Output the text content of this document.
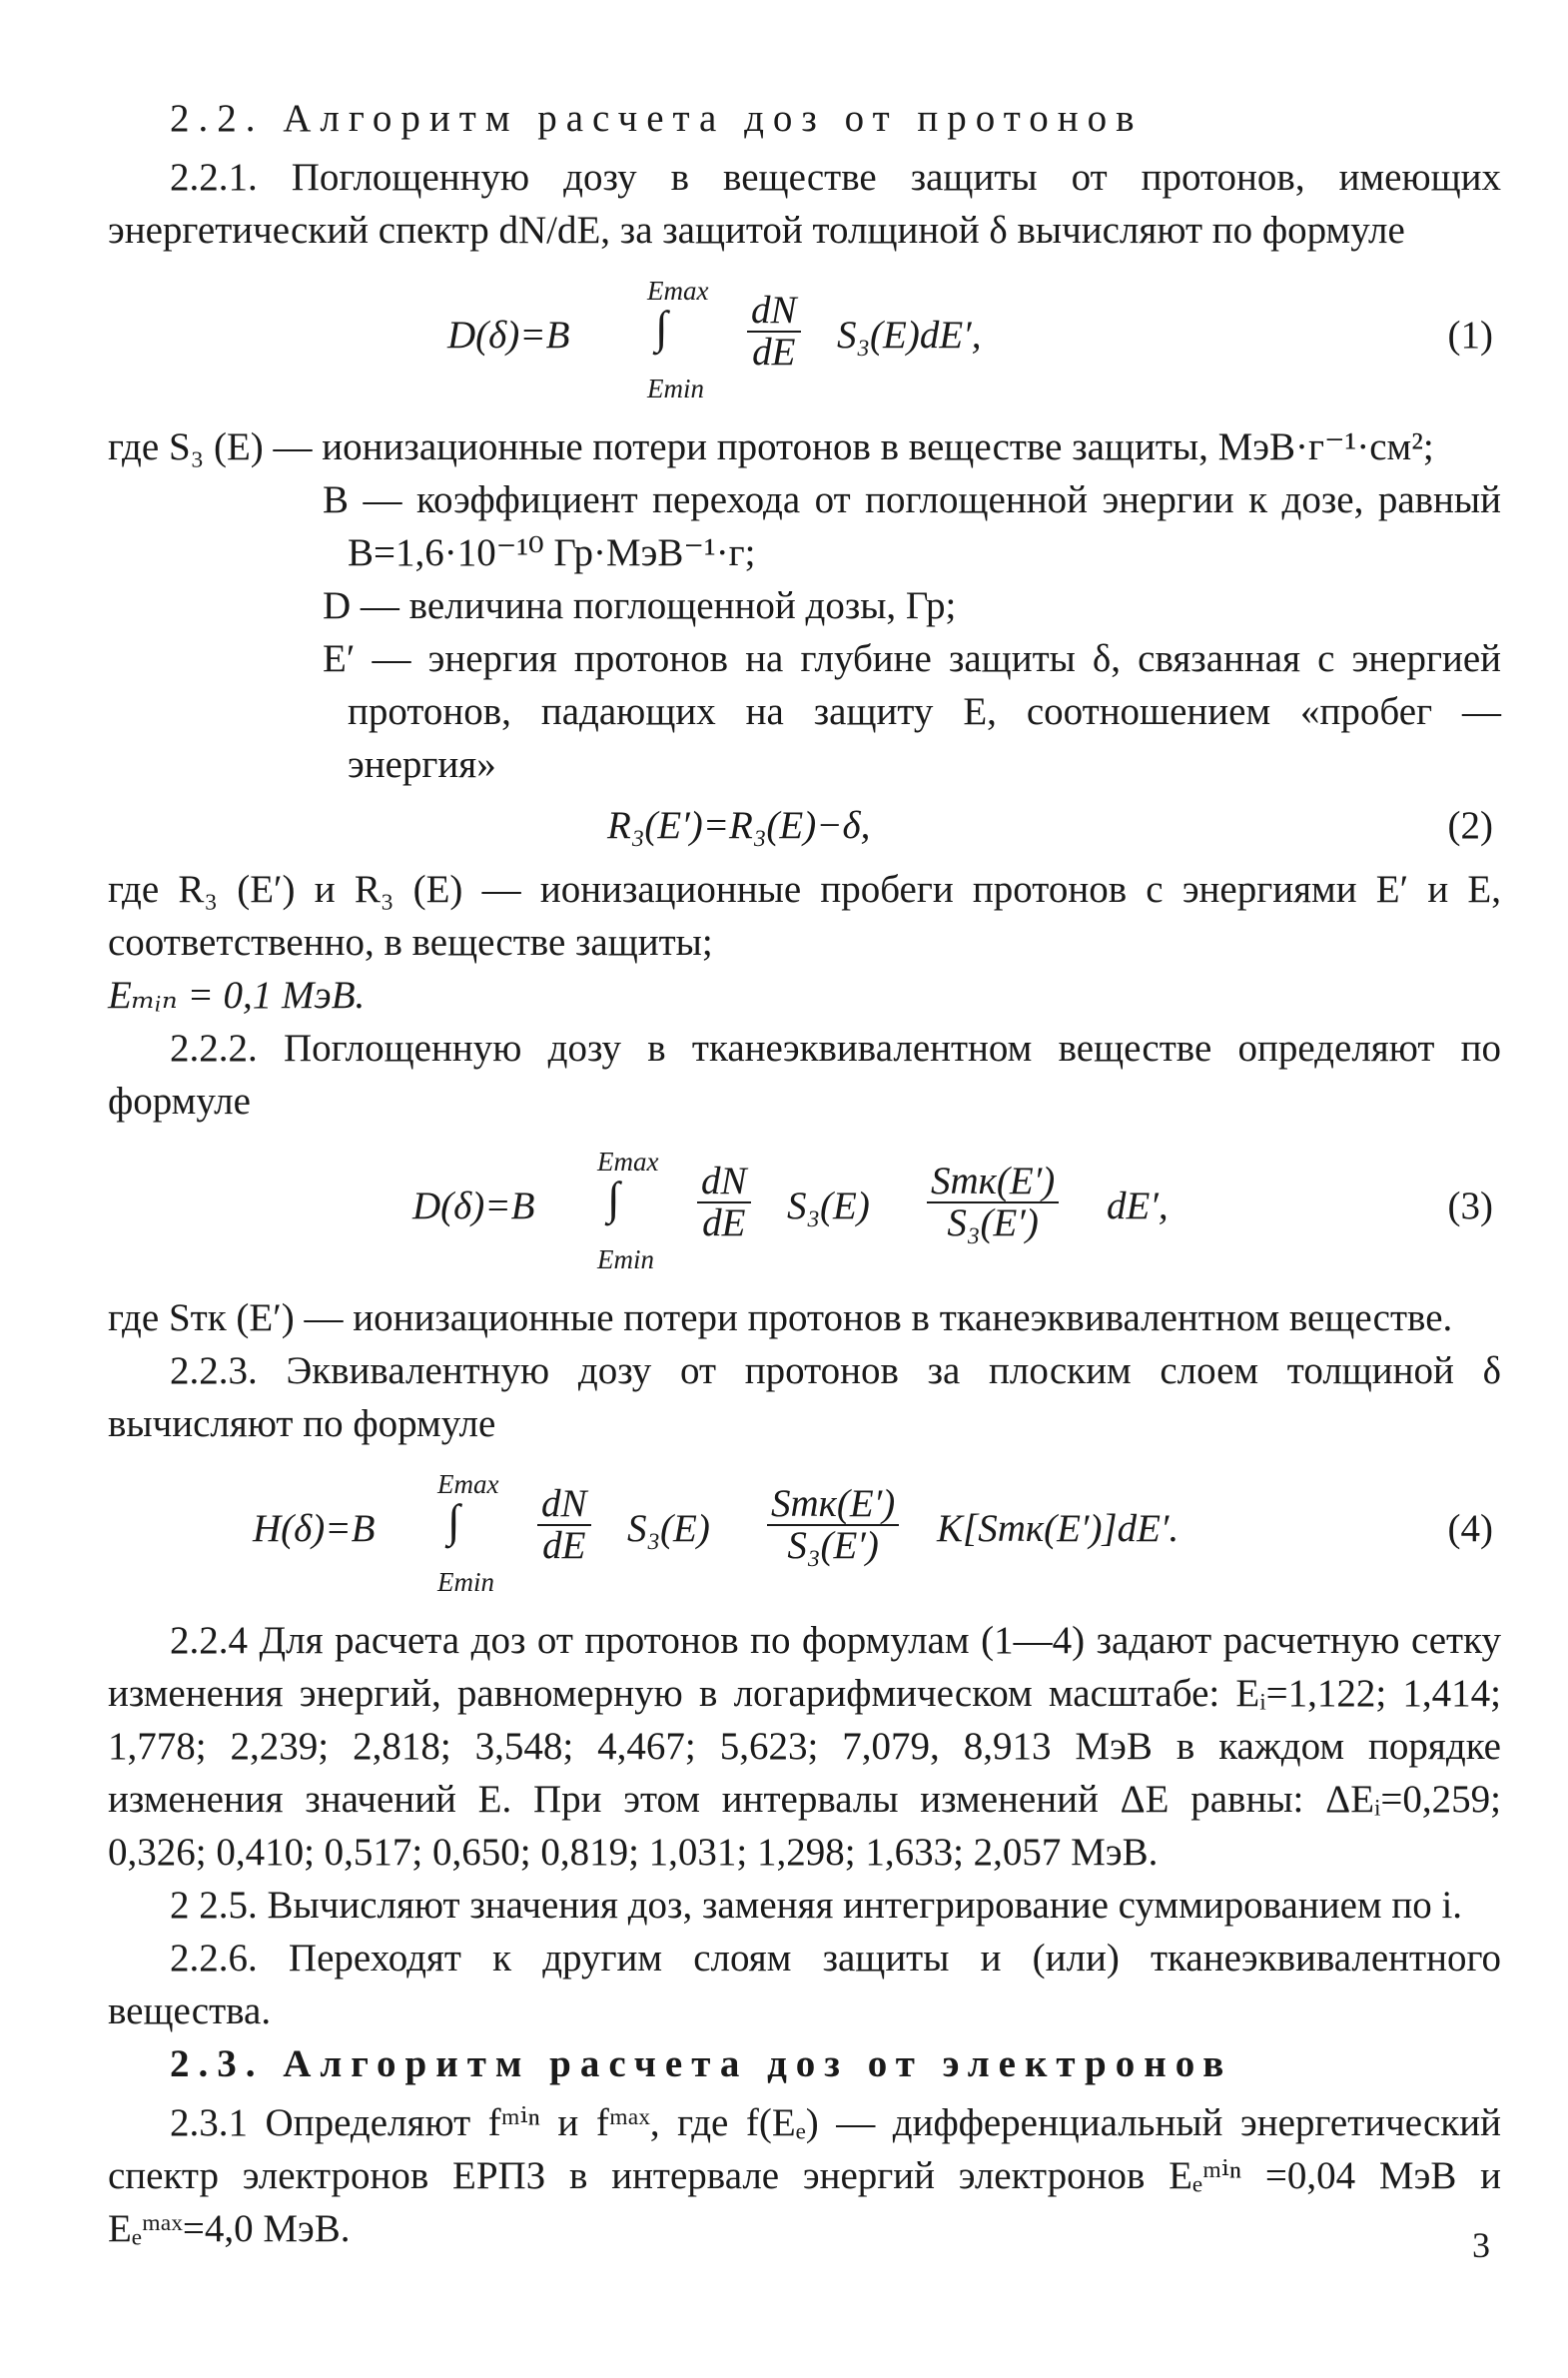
2.2. Алгоритм расчета доз от протонов

2.2.1. Поглощенную дозу в веществе защиты от протонов, имеющих энергетический спектр dN/dE, за защитой толщиной δ вычисляют по формуле

D(δ)=B
Emax
∫
Emin
$\frac{dN}{dE} S_3(E)dE'$,	(1)

где S₃ (E) — ионизационные потери протонов в веществе защиты, МэВ·г⁻¹·см²;

B — коэффициент перехода от поглощенной энергии к дозе, равный B=1,6·10⁻¹⁰ Гр·МэВ⁻¹·г;

D — величина поглощенной дозы, Гр;

E′ — энергия протонов на глубине защиты δ, связанная с энергией протонов, падающих на защиту E, соотношением «пробег — энергия»

R₃(E′)=R₃(E)−δ,	(2)

где R₃ (E′) и R₃ (E) — ионизационные пробеги протонов с энергиями E′ и E, соответственно, в веществе защиты;

Eₘᵢₙ = 0,1 МэВ.

2.2.2. Поглощенную дозу в тканеэквивалентном веществе определяют по формуле

D(δ)=B
Emax
∫
Emin
$\frac{dN}{dE} S_3(E) \frac{\text{Sтк(E′)}}{\text{S₃(E′)}} dE'$,	(3)

где Sтк (E′) — ионизационные потери протонов в тканеэквивалентном веществе.

2.2.3. Эквивалентную дозу от протонов за плоским слоем толщиной δ вычисляют по формуле

H(δ)=B
Emax
∫
Emin
$\frac{dN}{dE} S_3(E) \frac{\text{Sтк(E′)}}{\text{S₃(E′)}} K[Sтк(E')]dE'$.	(4)

2.2.4 Для расчета доз от протонов по формулам (1—4) задают расчетную сетку изменения энергий, равномерную в логарифмическом масштабе: Eᵢ=1,122; 1,414; 1,778; 2,239; 2,818; 3,548; 4,467; 5,623; 7,079, 8,913 МэВ в каждом порядке изменения значений E. При этом интервалы изменений ΔE равны: ΔEᵢ=0,259; 0,326; 0,410; 0,517; 0,650; 0,819; 1,031; 1,298; 1,633; 2,057 МэВ.

2 2.5. Вычисляют значения доз, заменяя интегрирование суммированием по i.

2.2.6. Переходят к другим слоям защиты и (или) тканеэквивалентного вещества.

2.3. Алгоритм расчета доз от электронов

2.3.1 Определяют fᵐⁱⁿ и fᵐᵃˣ, где f(Eₑ) — дифференциальный энергетический спектр электронов ЕРПЗ в интервале энергий электронов Eₑᵐⁱⁿ =0,04 МэВ и Eₑᵐᵃˣ=4,0 МэВ.	3
